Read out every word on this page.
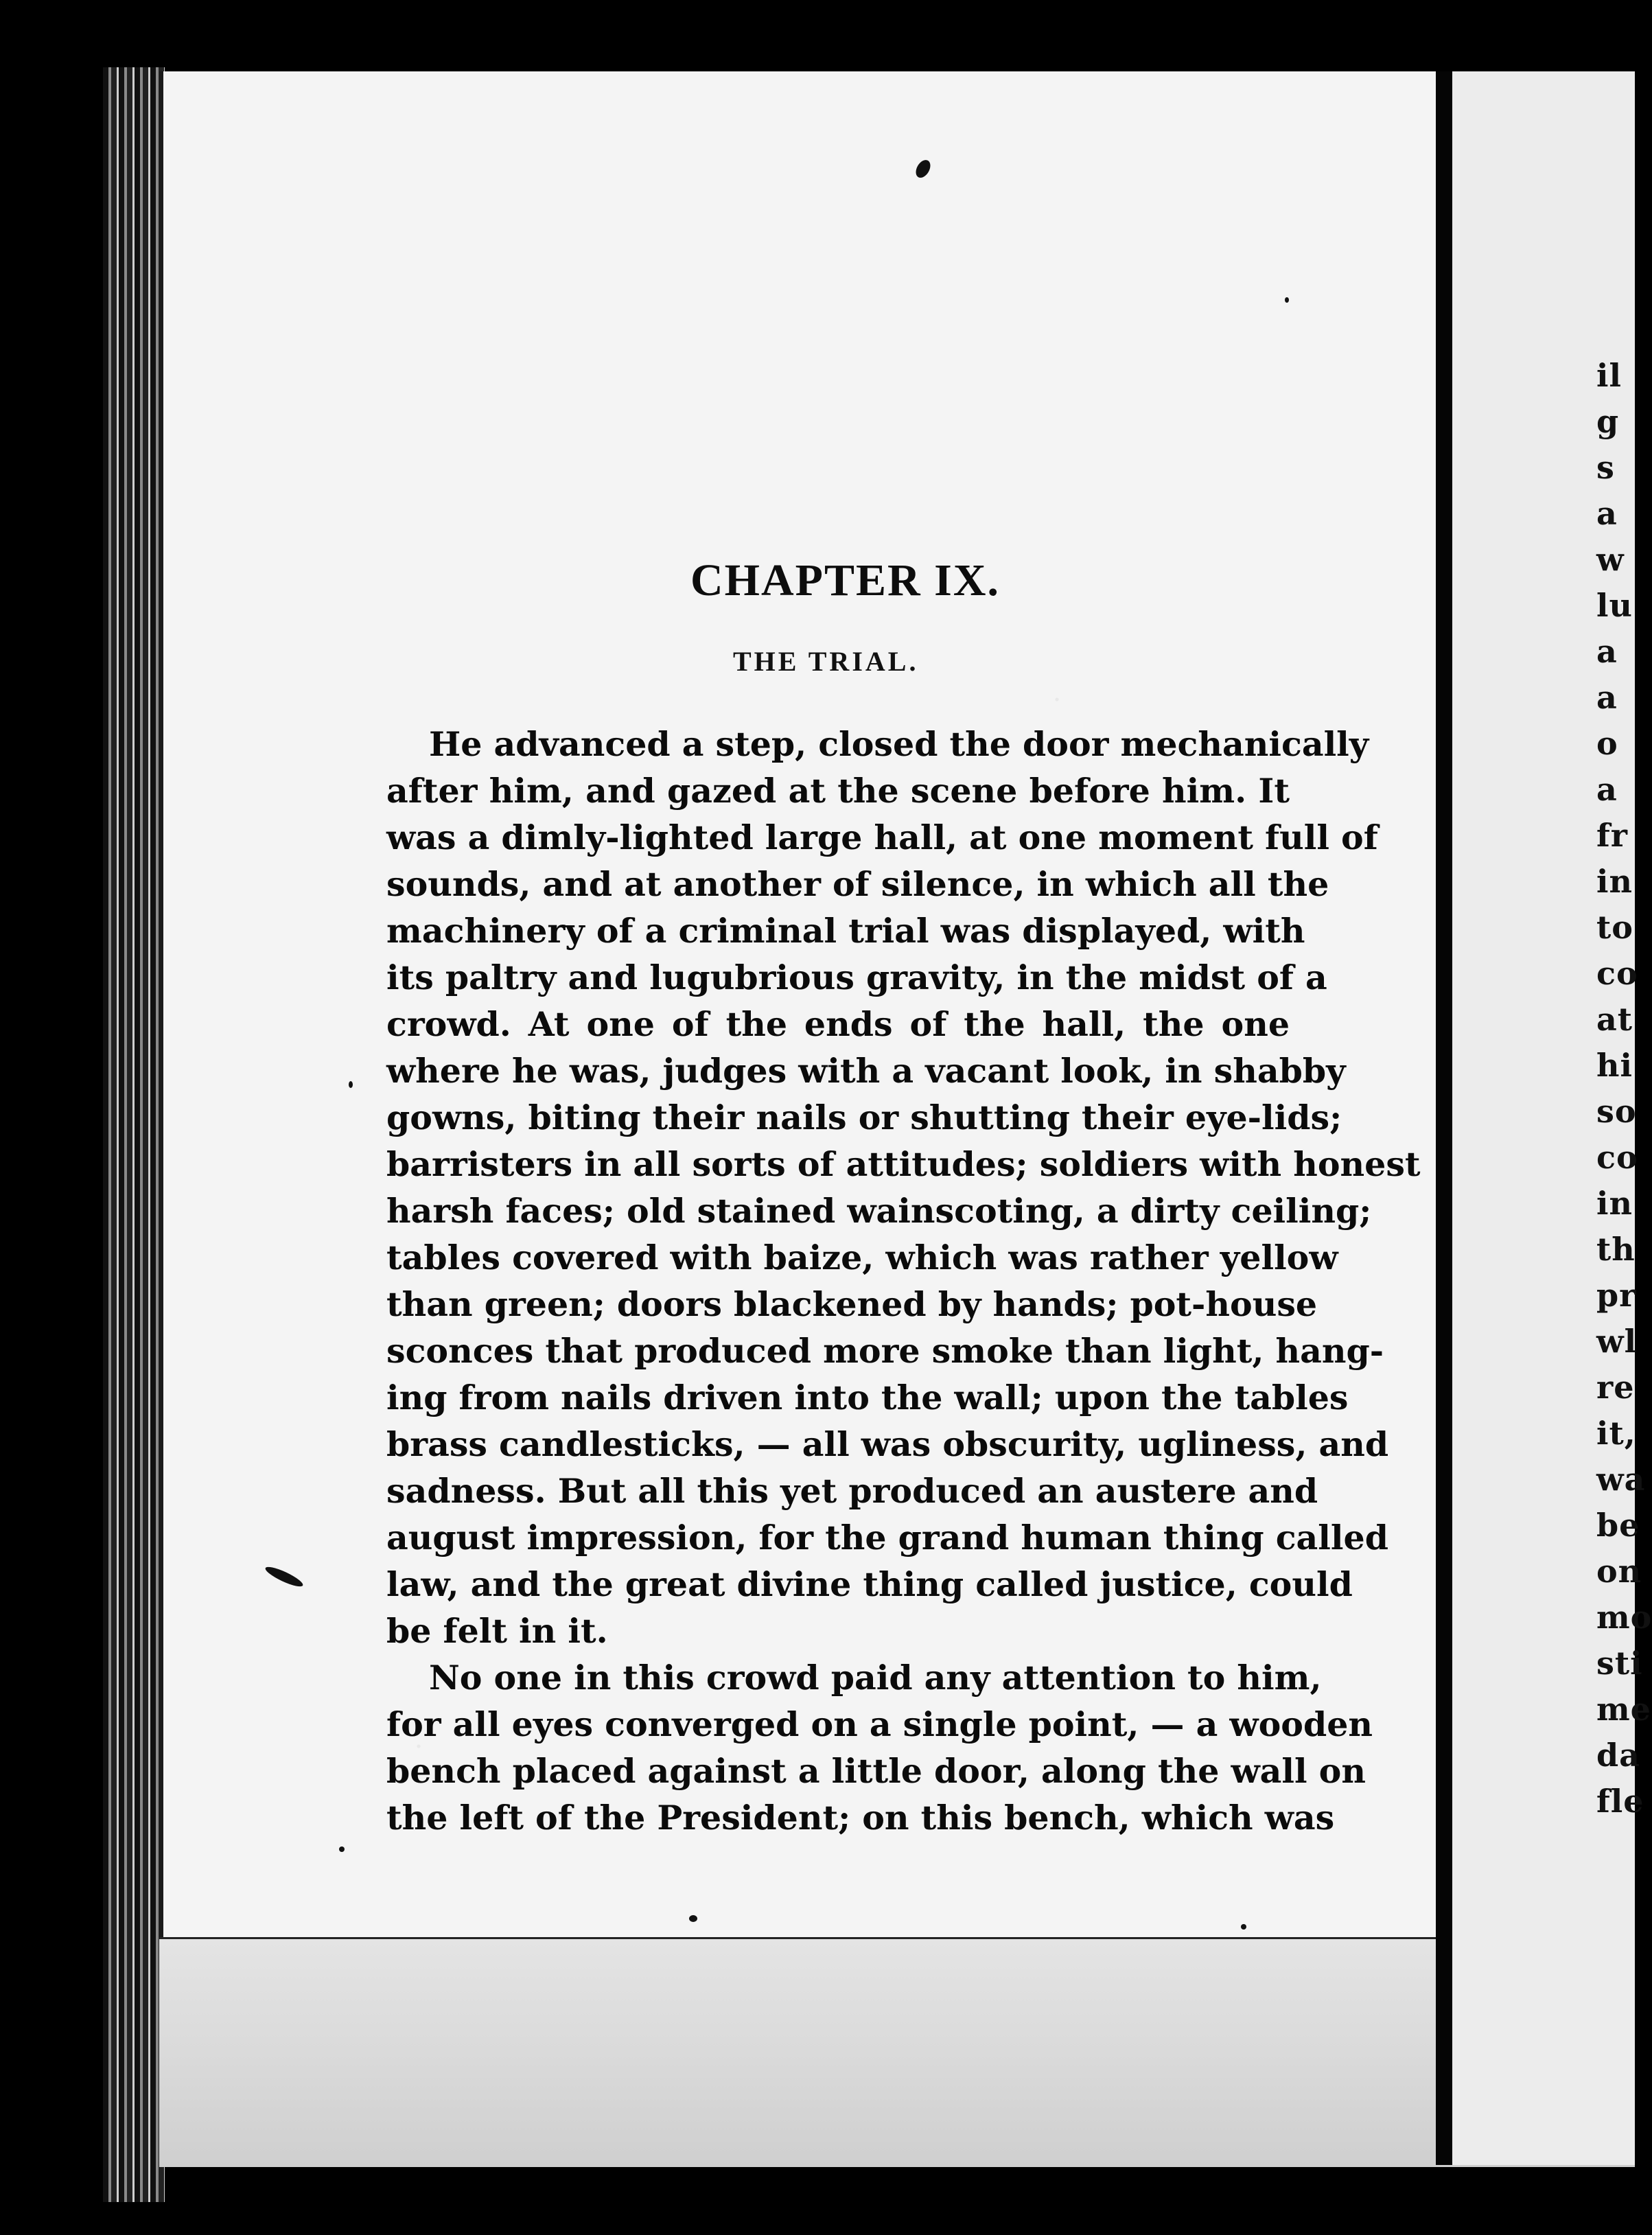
il
g
s
a
w
lu
a
a
o
a
fr
in
to
co
at
hi
so
co
in
th
pr
wl
re
it,
wa
be
on
mo
sti
me
da
fle
CHAPTER IX.
THE TRIAL.
He advanced a step, closed the door mechanically
after him, and gazed at the scene before him. It
was a dimly-lighted large hall, at one moment full of
sounds, and at another of silence, in which all the
machinery of a criminal trial was displayed, with
its paltry and lugubrious gravity, in the midst of a
crowd. At one of the ends of the hall, the one
where he was, judges with a vacant look, in shabby
gowns, biting their nails or shutting their eye-lids;
barristers in all sorts of attitudes; soldiers with honest
harsh faces; old stained wainscoting, a dirty ceiling;
tables covered with baize, which was rather yellow
than green; doors blackened by hands; pot-house
sconces that produced more smoke than light, hang-
ing from nails driven into the wall; upon the tables
brass candlesticks, — all was obscurity, ugliness, and
sadness. But all this yet produced an austere and
august impression, for the grand human thing called
law, and the great divine thing called justice, could
be felt in it.
No one in this crowd paid any attention to him,
for all eyes converged on a single point, — a wooden
bench placed against a little door, along the wall on
the left of the President; on this bench, which was
